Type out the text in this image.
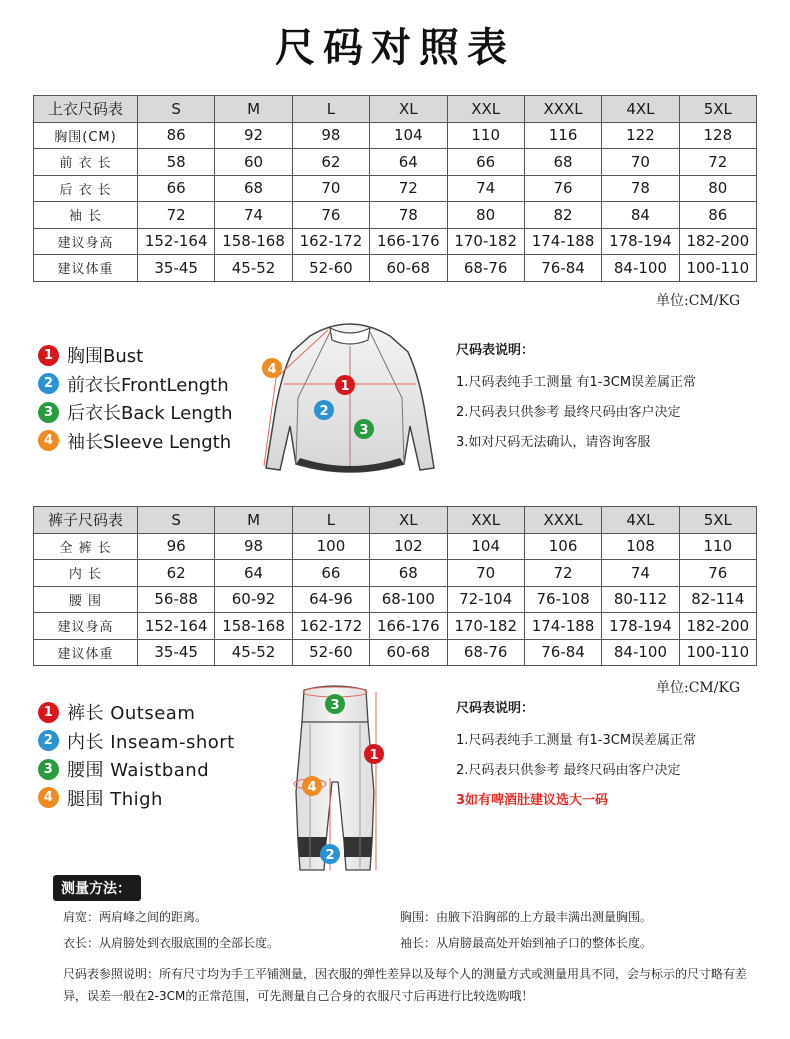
尺码对照表
上衣尺码表	S	M	L	XL	XXL	XXXL	4XL	5XL
胸围(CM)	86	92	98	104	110	116	122	128
前 衣 长	58	60	62	64	66	68	70	72
后 衣 长	66	68	70	72	74	76	78	80
袖 长	72	74	76	78	80	82	84	86
建议身高	152-164	158-168	162-172	166-176	170-182	174-188	178-194	182-200
建议体重	35-45	45-52	52-60	60-68	68-76	76-84	84-100	100-110
单位:CM/KG
1 胸围Bust
2 前衣长FrontLength
3 后衣长Back Length
4 袖长Sleeve Length
1
2
3
4
尺码表说明：
1.尺码表纯手工测量 有1-3CM误差属正常
2.尺码表只供参考 最终尺码由客户决定
3.如对尺码无法确认，请咨询客服
裤子尺码表	S	M	L	XL	XXL	XXXL	4XL	5XL
全 裤 长	96	98	100	102	104	106	108	110
内 长	62	64	66	68	70	72	74	76
腰 围	56-88	60-92	64-96	68-100	72-104	76-108	80-112	82-114
建议身高	152-164	158-168	162-172	166-176	170-182	174-188	178-194	182-200
建议体重	35-45	45-52	52-60	60-68	68-76	76-84	84-100	100-110
单位:CM/KG
1 裤长 Outseam
2 内长 Inseam-short
3 腰围 Waistband
4 腿围 Thigh
1
2
3
4
尺码表说明：
1.尺码表纯手工测量 有1-3CM误差属正常
2.尺码表只供参考 最终尺码由客户决定
3如有啤酒肚建议选大一码
测量方法：
肩宽：两肩峰之间的距离。
衣长：从肩膀处到衣服底围的全部长度。
胸围：由腋下沿胸部的上方最丰满出测量胸围。
袖长：从肩膀最高处开始到袖子口的整体长度。
尺码表参照说明：所有尺寸均为手工平铺测量，因衣服的弹性差异以及每个人的测量方式或测量用具不同，会与标示的尺寸略有差异，误差一般在2-3CM的正常范围，可先测量自己合身的衣服尺寸后再进行比较选购哦！
